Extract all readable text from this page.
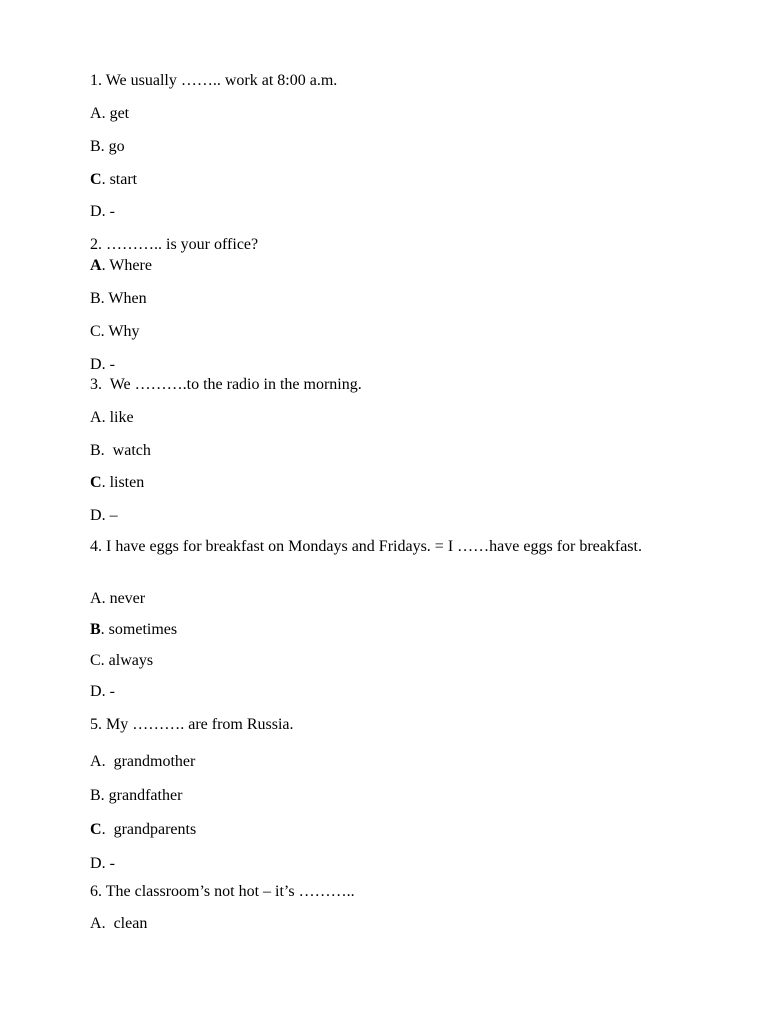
1. We usually …….. work at 8:00 a.m.
A. get
B. go
C. start
D. -
2. ……….. is your office?
A. Where
B. When
C. Why
D. -
3.  We ……….to the radio in the morning.
A. like
B.  watch
C. listen
D. –
4. I have eggs for breakfast on Mondays and Fridays. = I ……have eggs for breakfast.
A. never
B. sometimes
C. always
D. -
5. My ………. are from Russia.
A.  grandmother
B. grandfather
C.  grandparents
D. -
6. The classroom’s not hot – it’s ………..
A.  clean
